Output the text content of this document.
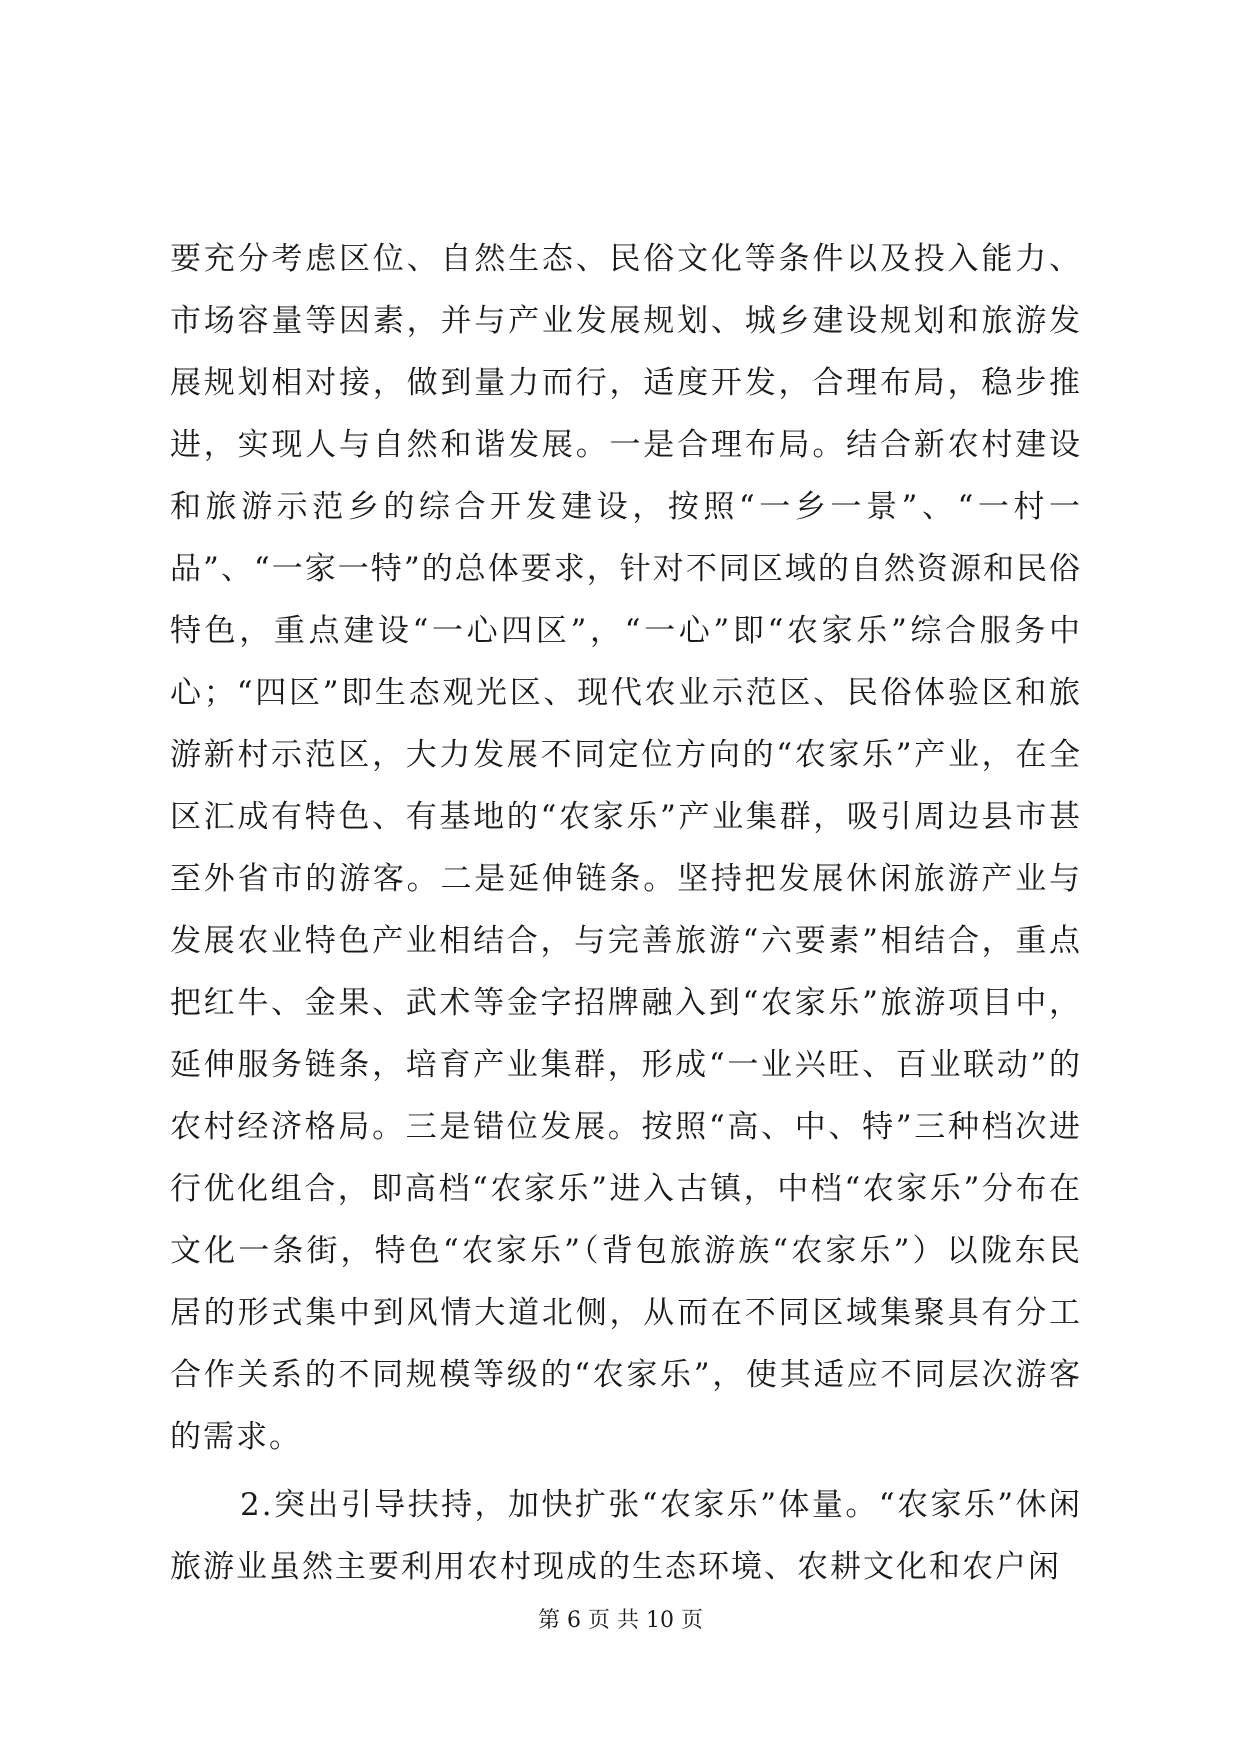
要充分考虑区位、自然生态、民俗文化等条件以及投入能力、市场容量等因素，并与产业发展规划、城乡建设规划和旅游发展规划相对接，做到量力而行，适度开发，合理布局，稳步推进，实现人与自然和谐发展。一是合理布局。结合新农村建设和旅游示范乡的综合开发建设，按照“一乡一景”、“一村一品”、“一家一特”的总体要求，针对不同区域的自然资源和民俗特色，重点建设“一心四区”，“一心”即“农家乐”综合服务中心；“四区”即生态观光区、现代农业示范区、民俗体验区和旅游新村示范区，大力发展不同定位方向的“农家乐”产业，在全区汇成有特色、有基地的“农家乐”产业集群，吸引周边县市甚至外省市的游客。二是延伸链条。坚持把发展休闲旅游产业与发展农业特色产业相结合，与完善旅游“六要素”相结合，重点把红牛、金果、武术等金字招牌融入到“农家乐”旅游项目中，延伸服务链条，培育产业集群，形成“一业兴旺、百业联动”的农村经济格局。三是错位发展。按照“高、中、特”三种档次进行优化组合，即高档“农家乐”进入古镇，中档“农家乐”分布在文化一条街，特色“农家乐”（背包旅游族“农家乐”）以陇东民居的形式集中到风情大道北侧，从而在不同区域集聚具有分工合作关系的不同规模等级的“农家乐”，使其适应不同层次游客的需求。

2.突出引导扶持，加快扩张“农家乐”体量。“农家乐”休闲旅游业虽然主要利用农村现成的生态环境、农耕文化和农户闲

第 6 页 共 10 页
